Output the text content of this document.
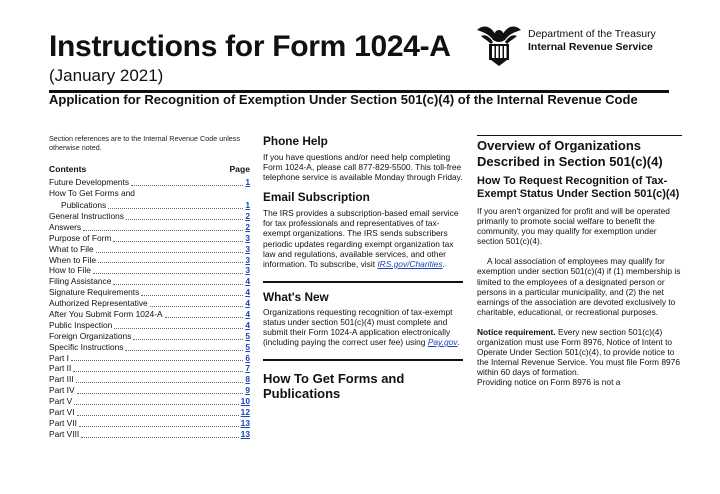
Instructions for Form 1024-A
(January 2021)
Department of the Treasury
Internal Revenue Service
Application for Recognition of Exemption Under Section 501(c)(4) of the Internal Revenue Code
Section references are to the Internal Revenue Code unless otherwise noted.
Contents	Page
Future Developments	1
How To Get Forms and
Publications	1
General Instructions	2
Answers	2
Purpose of Form	3
What to File	3
When to File	3
How to File	3
Filing Assistance	4
Signature Requirements	4
Authorized Representative	4
After You Submit Form 1024-A	4
Public Inspection	4
Foreign Organizations	5
Specific Instructions	5
Part I	6
Part II	7
Part III	8
Part IV	9
Part V	10
Part VI	12
Part VII	13
Part VIII	13
Phone Help
If you have questions and/or need help completing Form 1024-A, please call 877-829-5500. This toll-free telephone service is available Monday through Friday.
Email Subscription
The IRS provides a subscription-based email service for tax professionals and representatives of tax-exempt organizations. The IRS sends subscribers periodic updates regarding exempt organization tax law and regulations, available services, and other information. To subscribe, visit IRS.gov/Charities.
What's New
Organizations requesting recognition of tax-exempt status under section 501(c)(4) must complete and submit their Form 1024-A application electronically (including paying the correct user fee) using Pay.gov.
How To Get Forms and
Publications
Overview of Organizations Described in Section 501(c)(4)
How To Request Recognition of Tax-Exempt Status Under Section 501(c)(4)
If you aren't organized for profit and will be operated primarily to promote social welfare to benefit the community, you may qualify for exemption under section 501(c)(4).
A local association of employees may qualify for exemption under section 501(c)(4) if (1) membership is limited to the employees of a designated person or persons in a particular municipality, and (2) the net earnings of the association are devoted exclusively to charitable, educational, or recreational purposes.
Notice requirement. Every new section 501(c)(4) organization must use Form 8976, Notice of Intent to Operate Under Section 501(c)(4), to provide notice to the Internal Revenue Service. You must file Form 8976 within 60 days of formation.
Providing notice on Form 8976 is not a
